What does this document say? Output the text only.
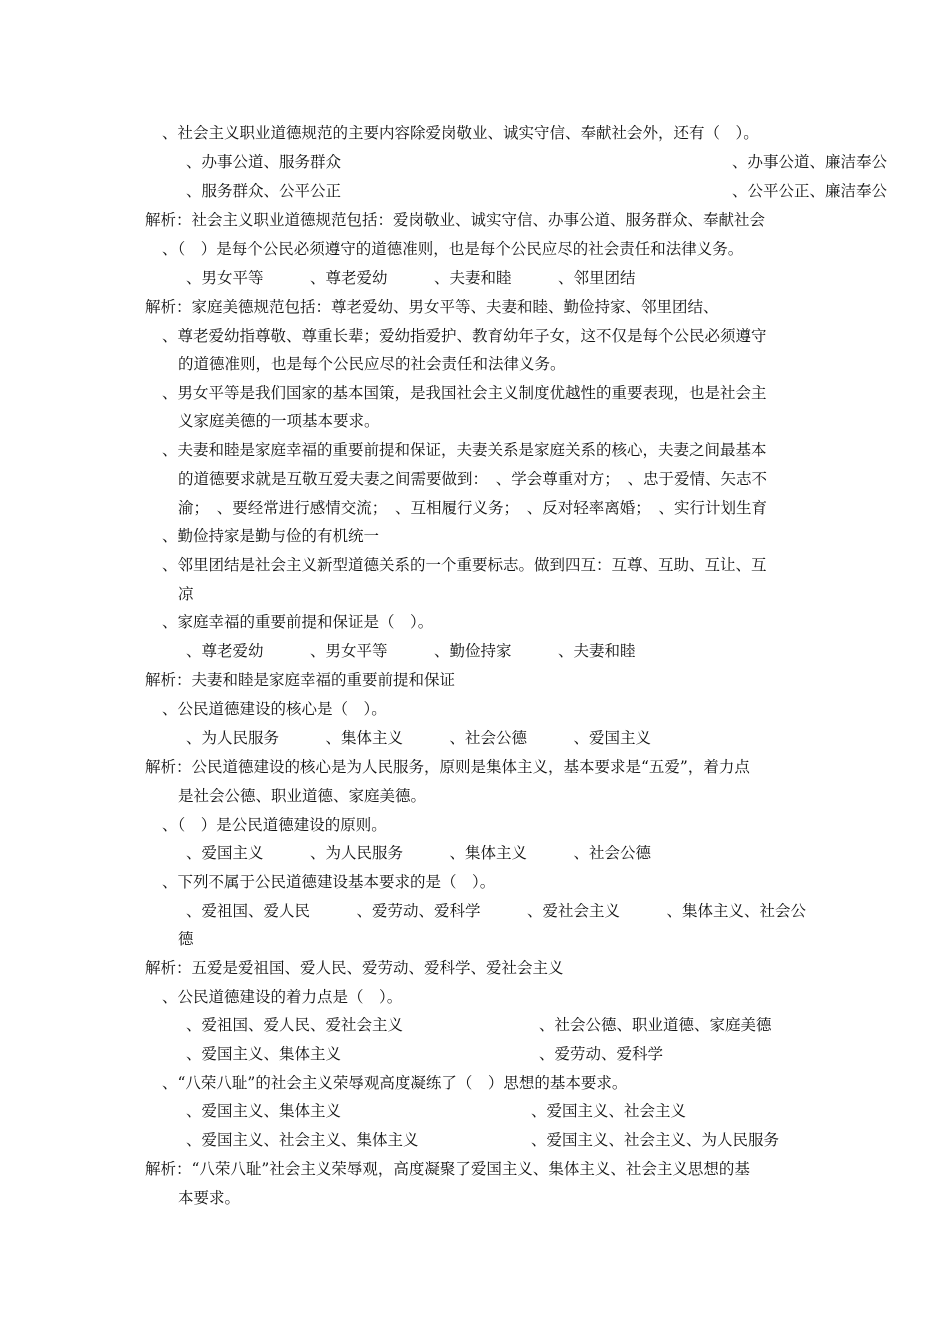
、社会主义职业道德规范的主要内容除爱岗敬业、诚实守信、奉献社会外，还有（　）。
、办事公道、服务群众	、办事公道、廉洁奉公
、服务群众、公平公正	、公平公正、廉洁奉公
解析：社会主义职业道德规范包括：爱岗敬业、诚实守信、办事公道、服务群众、奉献社会
、（　）是每个公民必须遵守的道德准则，也是每个公民应尽的社会责任和法律义务。
、男女平等　　　、尊老爱幼　　　、夫妻和睦　　　、邻里团结
解析：家庭美德规范包括：尊老爱幼、男女平等、夫妻和睦、勤俭持家、邻里团结、
、尊老爱幼指尊敬、尊重长辈；爱幼指爱护、教育幼年子女，这不仅是每个公民必须遵守
的道德准则，也是每个公民应尽的社会责任和法律义务。
、男女平等是我们国家的基本国策，是我国社会主义制度优越性的重要表现，也是社会主
义家庭美德的一项基本要求。
、夫妻和睦是家庭幸福的重要前提和保证，夫妻关系是家庭关系的核心，夫妻之间最基本
的道德要求就是互敬互爱夫妻之间需要做到：　、学会尊重对方；　、忠于爱情、矢志不
渝；　、要经常进行感情交流；　、互相履行义务；　、反对轻率离婚；　、实行计划生育
、勤俭持家是勤与俭的有机统一
、邻里团结是社会主义新型道德关系的一个重要标志。做到四互：互尊、互助、互让、互
凉
、家庭幸福的重要前提和保证是（　）。
、尊老爱幼　　　、男女平等　　　、勤俭持家　　　、夫妻和睦
解析：夫妻和睦是家庭幸福的重要前提和保证
、公民道德建设的核心是（　）。
、为人民服务　　　、集体主义　　　、社会公德　　　、爱国主义
解析：公民道德建设的核心是为人民服务，原则是集体主义，基本要求是“五爱”，着力点
是社会公德、职业道德、家庭美德。
、（　）是公民道德建设的原则。
、爱国主义　　　、为人民服务　　　、集体主义　　　、社会公德
、下列不属于公民道德建设基本要求的是（　）。
、爱祖国、爱人民　　　、爱劳动、爱科学　　　、爱社会主义　　　、集体主义、社会公
德
解析：五爱是爱祖国、爱人民、爱劳动、爱科学、爱社会主义
、公民道德建设的着力点是（　）。
、爱祖国、爱人民、爱社会主义	、社会公德、职业道德、家庭美德
、爱国主义、集体主义	、爱劳动、爱科学
、“八荣八耻”的社会主义荣辱观高度凝练了（　）思想的基本要求。
、爱国主义、集体主义	、爱国主义、社会主义
、爱国主义、社会主义、集体主义	、爱国主义、社会主义、为人民服务
解析：“八荣八耻”社会主义荣辱观，高度凝聚了爱国主义、集体主义、社会主义思想的基
本要求。
